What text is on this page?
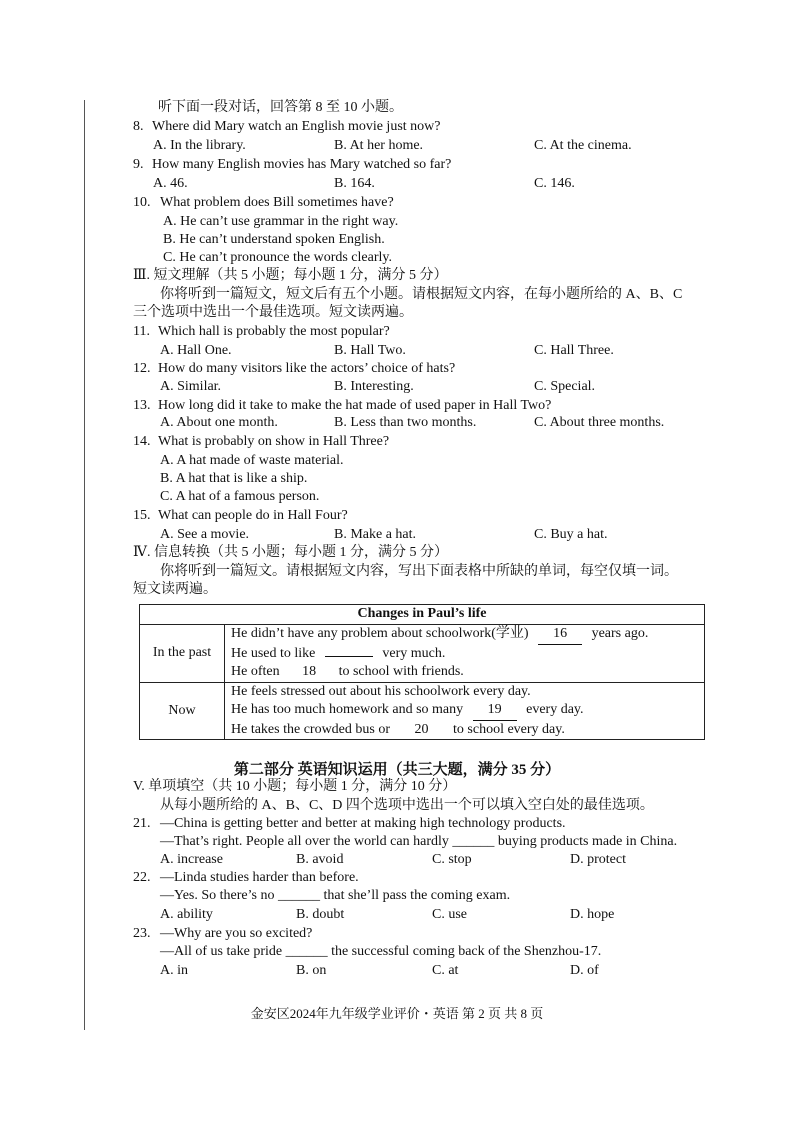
听下面一段对话，回答第 8 至 10 小题。
8. Where did Mary watch an English movie just now?
A. In the library.	B. At her home.	C. At the cinema.
9. How many English movies has Mary watched so far?
A. 46.	B. 164.	C. 146.
10. What problem does Bill sometimes have?
A. He can’t use grammar in the right way.
B. He can’t understand spoken English.
C. He can’t pronounce the words clearly.
Ⅲ. 短文理解（共 5 小题；每小题 1 分，满分 5 分）
你将听到一篇短文，短文后有五个小题。请根据短文内容，在每小题所给的 A、B、C
三个选项中选出一个最佳选项。短文读两遍。
11. Which hall is probably the most popular?
A. Hall One.	B. Hall Two.	C. Hall Three.
12. How do many visitors like the actors’ choice of hats?
A. Similar.	B. Interesting.	C. Special.
13. How long did it take to make the hat made of used paper in Hall Two?
A. About one month.	B. Less than two months.	C. About three months.
14. What is probably on show in Hall Three?
A. A hat made of waste material.
B. A hat that is like a ship.
C. A hat of a famous person.
15. What can people do in Hall Four?
A. See a movie.	B. Make a hat.	C. Buy a hat.
Ⅳ. 信息转换（共 5 小题；每小题 1 分，满分 5 分）
你将听到一篇短文。请根据短文内容，写出下面表格中所缺的单词，每空仅填一词。
短文读两遍。
Changes in Paul’s life	
In the past	He didn’t have any problem about schoolwork(学业) 16 years ago.
He used to like very much.
He often 18 to school with friends.

Now	He feels stressed out about his schoolwork every day.
He has too much homework and so many 19 every day.
He takes the crowded bus or 20 to school every day.
第二部分 英语知识运用（共三大题，满分 35 分）
V. 单项填空（共 10 小题；每小题 1 分，满分 10 分）
从每小题所给的 A、B、C、D 四个选项中选出一个可以填入空白处的最佳选项。
21. —China is getting better and better at making high technology products.
—That’s right. People all over the world can hardly ______ buying products made in China.
A. increase	B. avoid	C. stop	D. protect
22. —Linda studies harder than before.
—Yes. So there’s no ______ that she’ll pass the coming exam.
A. ability	B. doubt	C. use	D. hope
23. —Why are you so excited?
—All of us take pride ______ the successful coming back of the Shenzhou-17.
A. in	B. on	C. at	D. of
金安区2024年九年级学业评价・英语 第 2 页 共 8 页
